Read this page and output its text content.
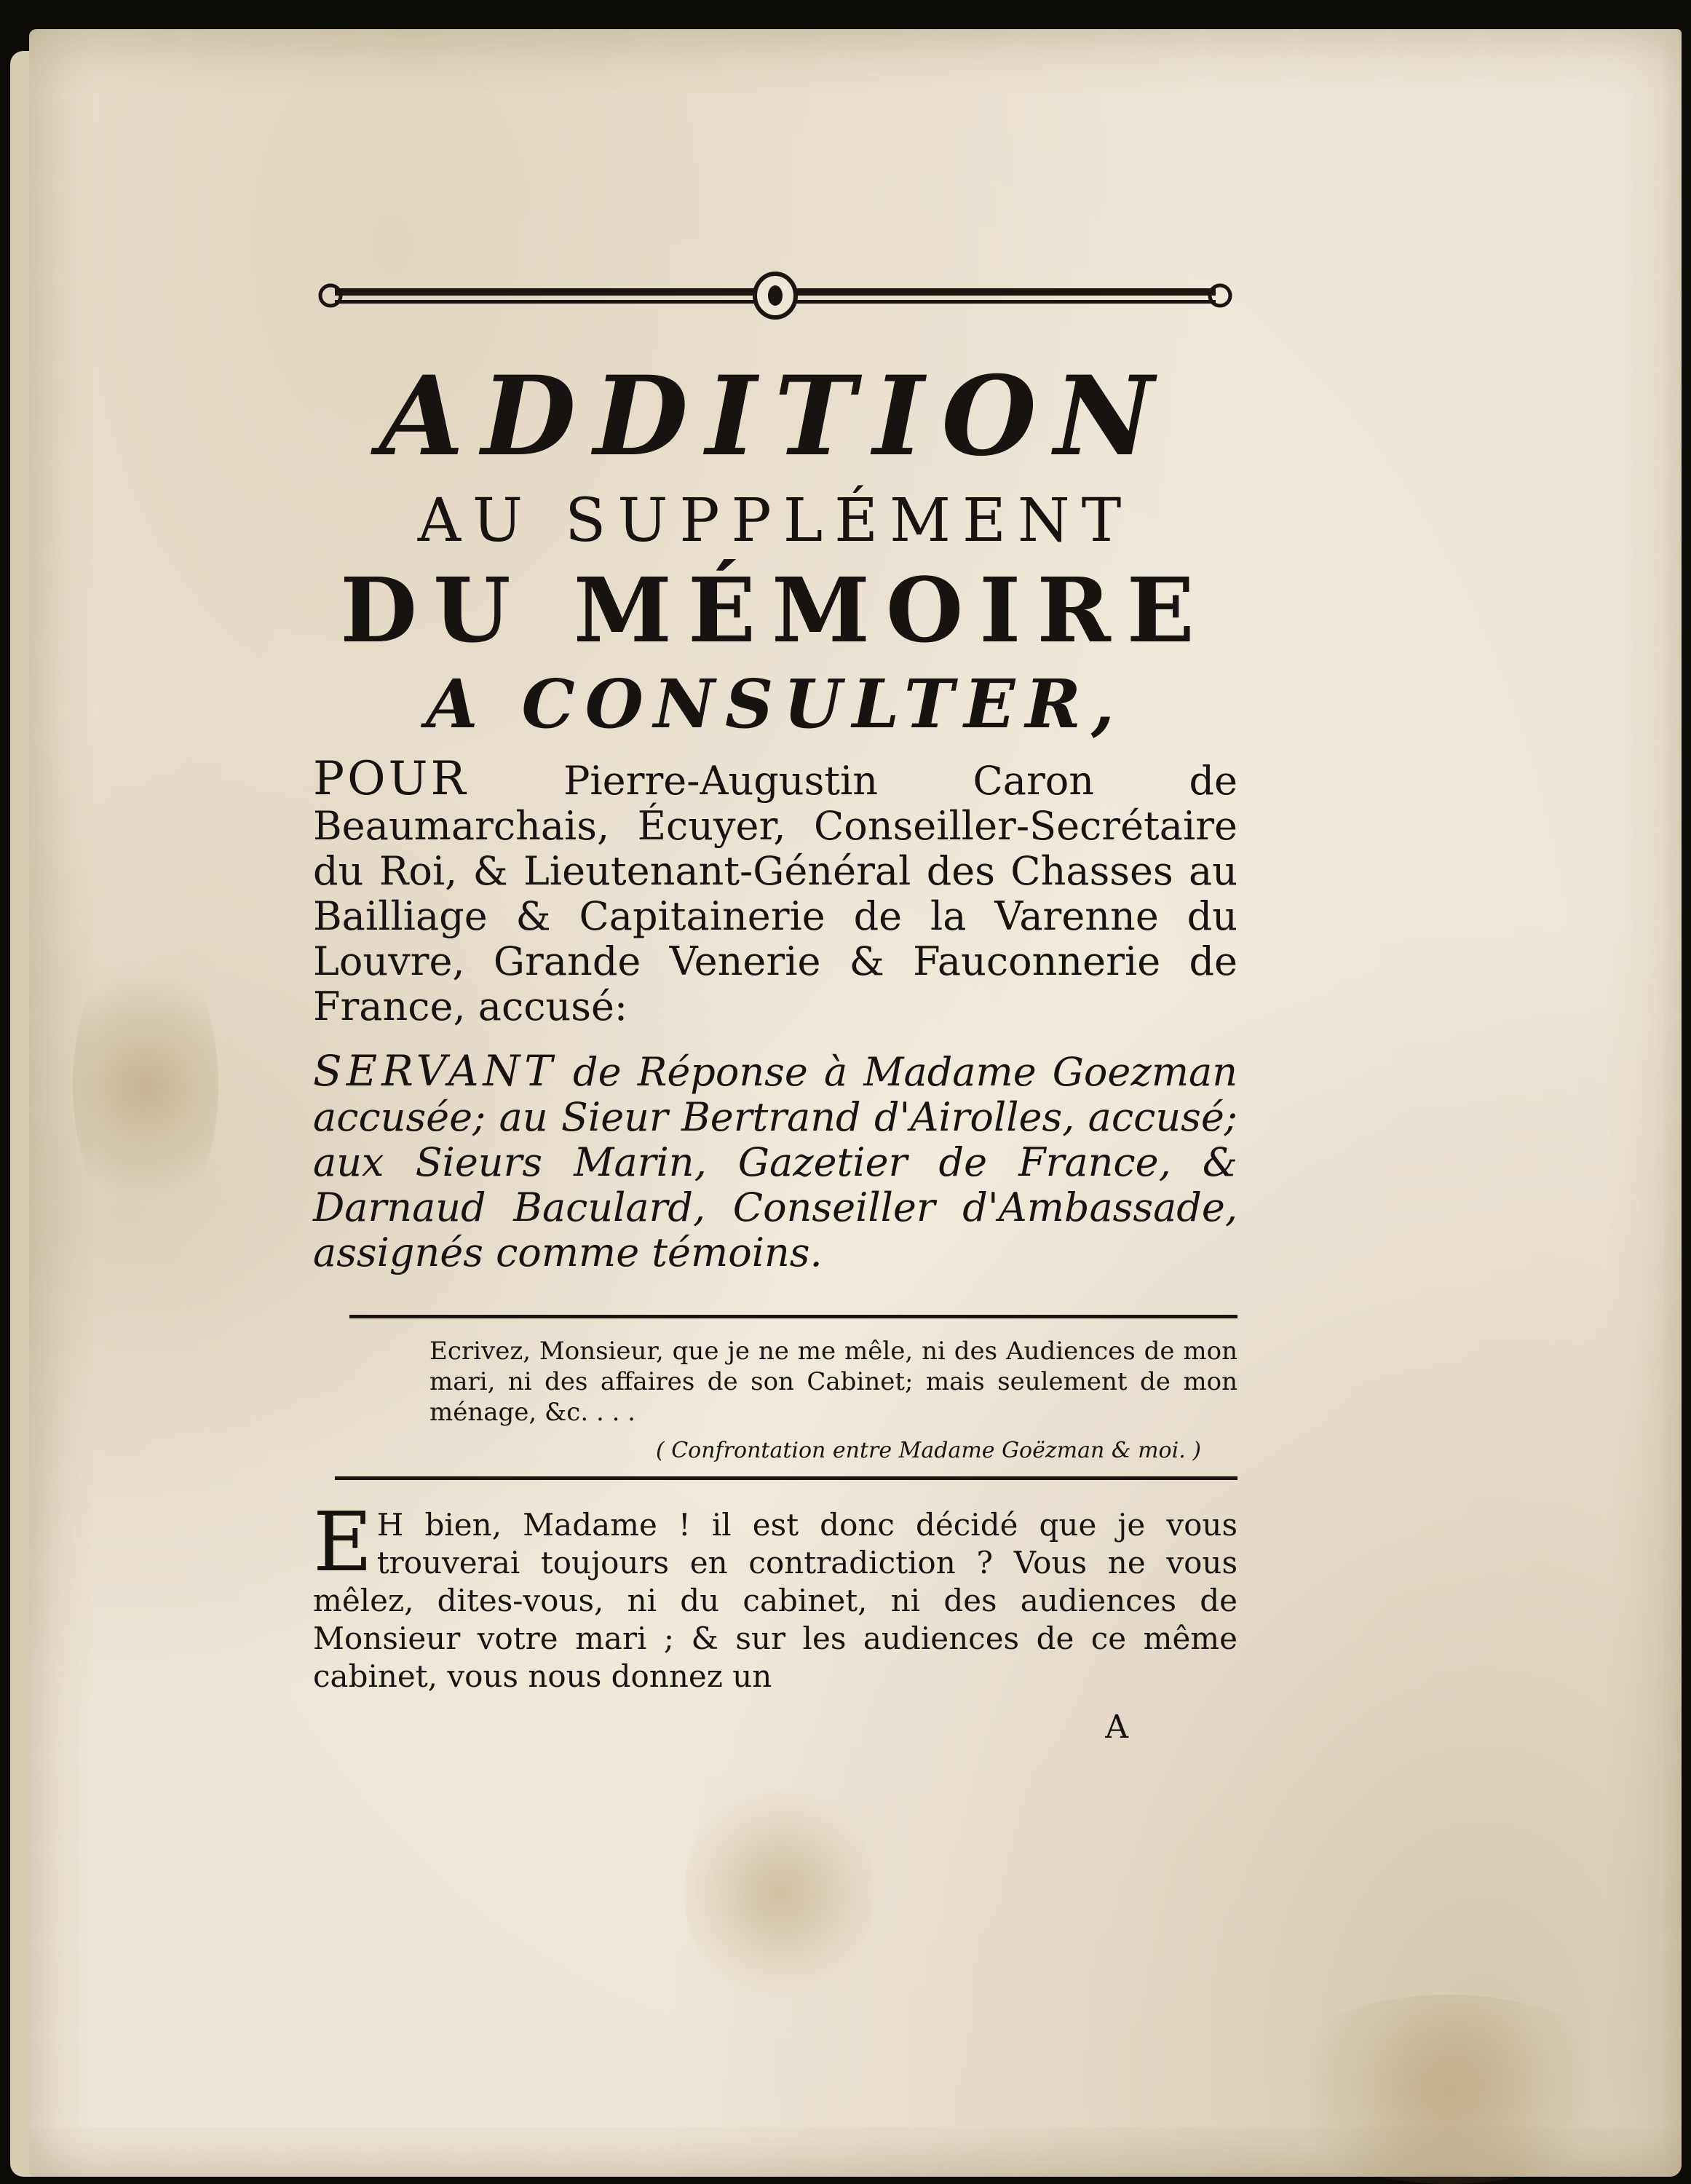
ADDITION
AU SUPPLÉMENT
DU MÉMOIRE
A CONSULTER,
POUR Pierre-Augustin Caron de Beaumarchais, Écuyer, Conseiller-Secrétaire du Roi, & Lieutenant-Général des Chasses au Bailliage & Capitainerie de la Varenne du Louvre, Grande Venerie & Fauconnerie de France, accusé:
SERVANT de Réponse à Madame Goezman accusée; au Sieur Bertrand d'Airolles, accusé; aux Sieurs Marin, Gazetier de France, & Darnaud Baculard, Conseiller d'Ambassade, assignés comme témoins.
Ecrivez, Monsieur, que je ne me mêle, ni des Audiences de mon mari, ni des affaires de son Cabinet; mais seulement de mon ménage, &c. . . .
( Confrontation entre Madame Goëzman & moi. )
E H bien, Madame ! il est donc décidé que je vous trouverai toujours en contradiction ? Vous ne vous mêlez, dites-vous, ni du cabinet, ni des audiences de Monsieur votre mari ; & sur les audiences de ce même cabinet, vous nous donnez un
A
